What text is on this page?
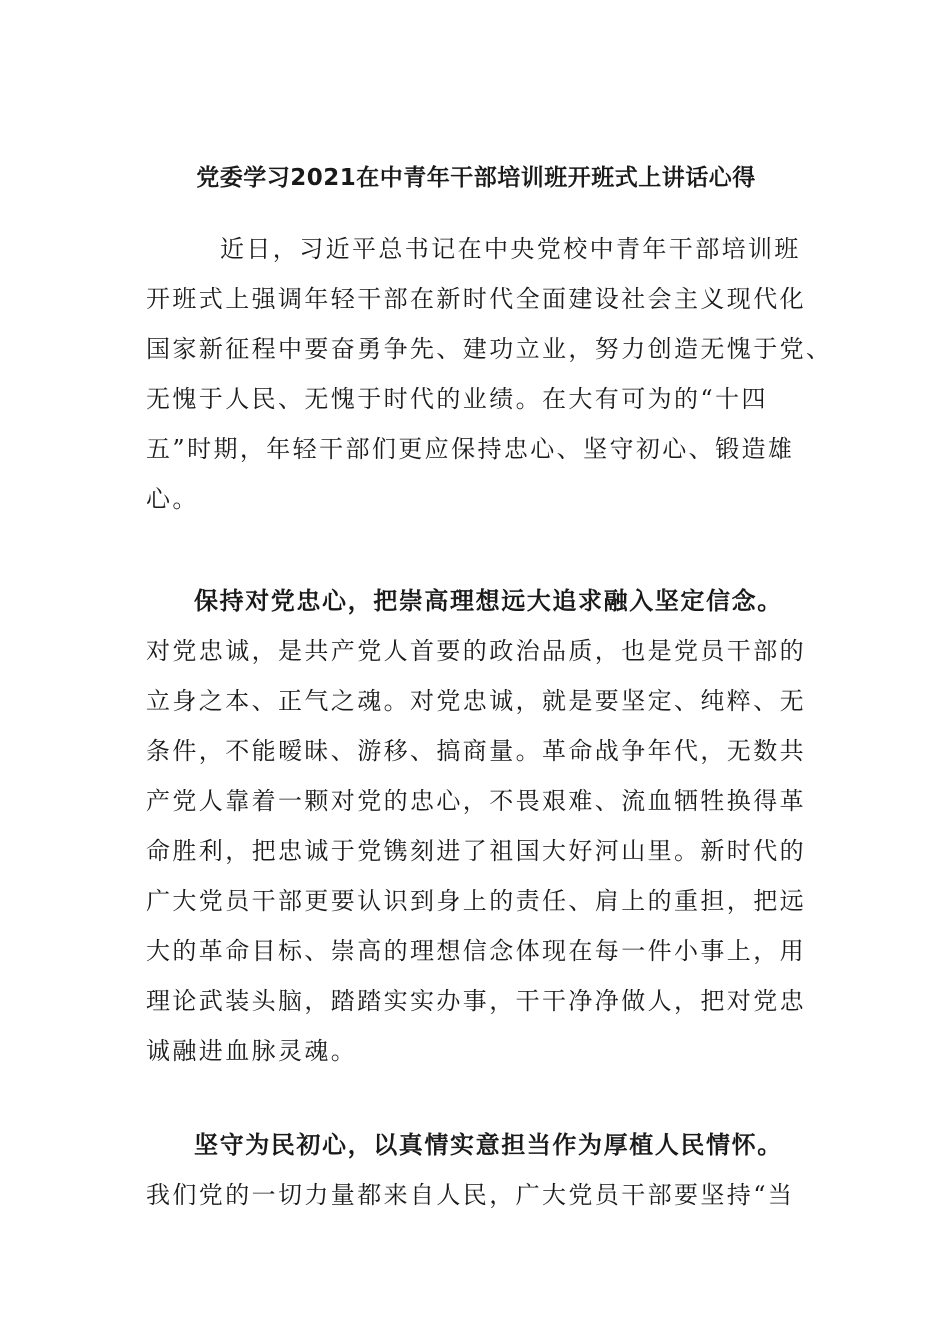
党委学习2021在中青年干部培训班开班式上讲话心得
近日，习近平总书记在中央党校中青年干部培训班
开班式上强调年轻干部在新时代全面建设社会主义现代化
国家新征程中要奋勇争先、建功立业，努力创造无愧于党、
无愧于人民、无愧于时代的业绩。在大有可为的“十四
五”时期，年轻干部们更应保持忠心、坚守初心、锻造雄
心。
保持对党忠心，把崇高理想远大追求融入坚定信念。
对党忠诚，是共产党人首要的政治品质，也是党员干部的
立身之本、正气之魂。对党忠诚，就是要坚定、纯粹、无
条件，不能暧昧、游移、搞商量。革命战争年代，无数共
产党人靠着一颗对党的忠心，不畏艰难、流血牺牲换得革
命胜利，把忠诚于党镌刻进了祖国大好河山里。新时代的
广大党员干部更要认识到身上的责任、肩上的重担，把远
大的革命目标、崇高的理想信念体现在每一件小事上，用
理论武装头脑，踏踏实实办事，干干净净做人，把对党忠
诚融进血脉灵魂。
坚守为民初心，以真情实意担当作为厚植人民情怀。
我们党的一切力量都来自人民，广大党员干部要坚持“当
